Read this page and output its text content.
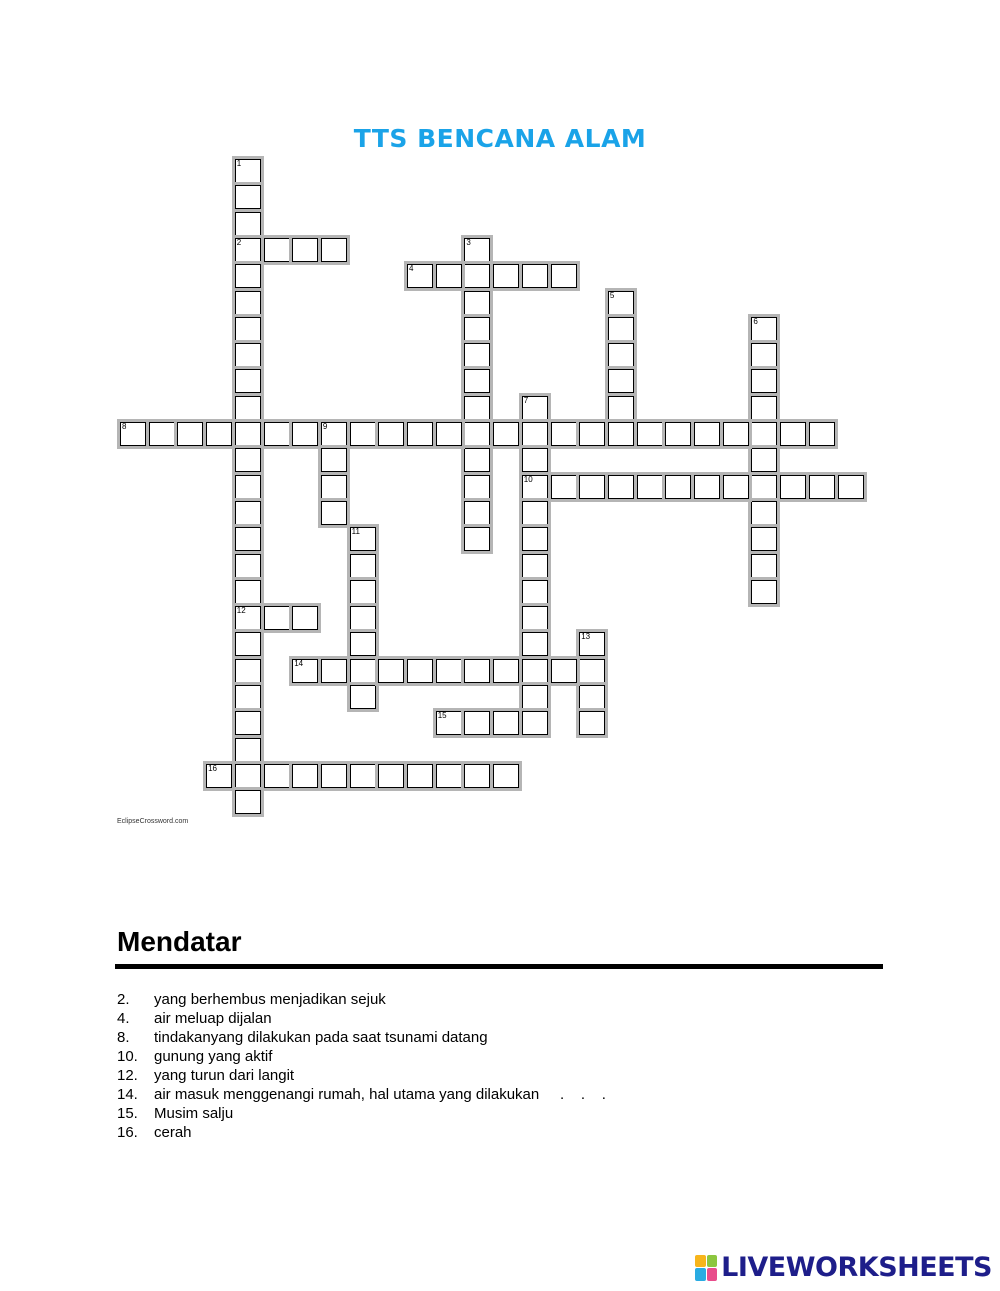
TTS BENCANA ALAM
1
2
12
3
4
5
6
7
10
8	9
11
13
14
15
16
EclipseCrossword.com
Mendatar
2.	yang berhembus menjadikan sejuk
4.	air meluap dijalan
8.	tindakanyang dilakukan pada saat tsunami datang
10.	gunung yang aktif
12.	yang turun dari langit
14.	air masuk menggenangi rumah, hal utama yang dilakukan     .    .    .
15.	Musim salju
16.	cerah
LIVEWORKSHEETS
